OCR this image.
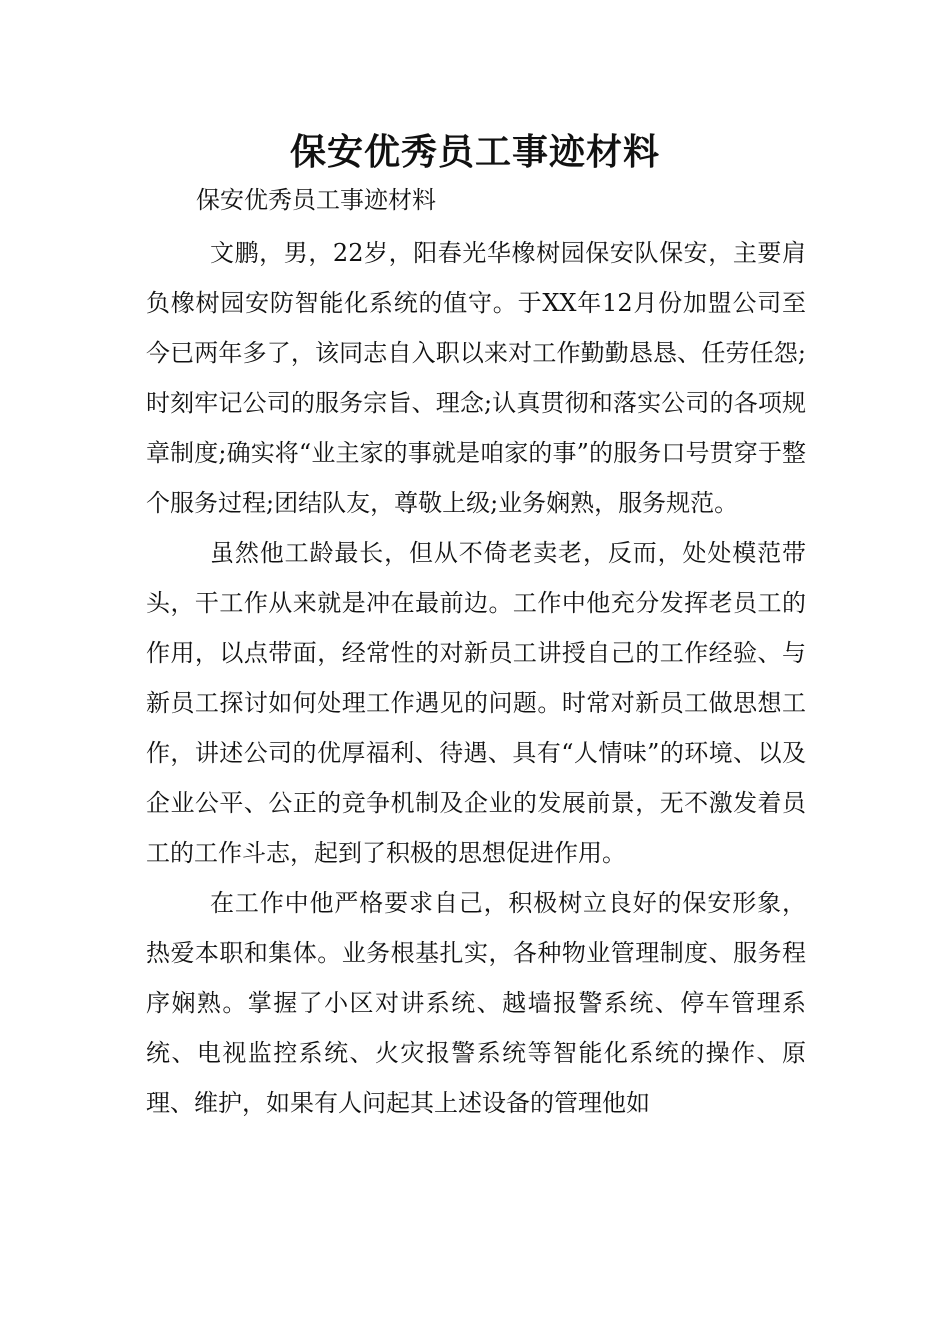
保安优秀员工事迹材料

保安优秀员工事迹材料

文鹏，男，22岁，阳春光华橡树园保安队保安，主要肩负橡树园安防智能化系统的值守。于XX年12月份加盟公司至今已两年多了，该同志自入职以来对工作勤勤恳恳、任劳任怨;时刻牢记公司的服务宗旨、理念;认真贯彻和落实公司的各项规章制度;确实将“业主家的事就是咱家的事”的服务口号贯穿于整个服务过程;团结队友，尊敬上级;业务娴熟，服务规范。

虽然他工龄最长，但从不倚老卖老，反而，处处模范带头，干工作从来就是冲在最前边。工作中他充分发挥老员工的作用，以点带面，经常性的对新员工讲授自己的工作经验、与新员工探讨如何处理工作遇见的问题。时常对新员工做思想工作，讲述公司的优厚福利、待遇、具有“人情味”的环境、以及企业公平、公正的竞争机制及企业的发展前景，无不激发着员工的工作斗志，起到了积极的思想促进作用。

在工作中他严格要求自己，积极树立良好的保安形象，热爱本职和集体。业务根基扎实，各种物业管理制度、服务程序娴熟。掌握了小区对讲系统、越墙报警系统、停车管理系统、电视监控系统、火灾报警系统等智能化系统的操作、原理、维护，如果有人问起其上述设备的管理他如
